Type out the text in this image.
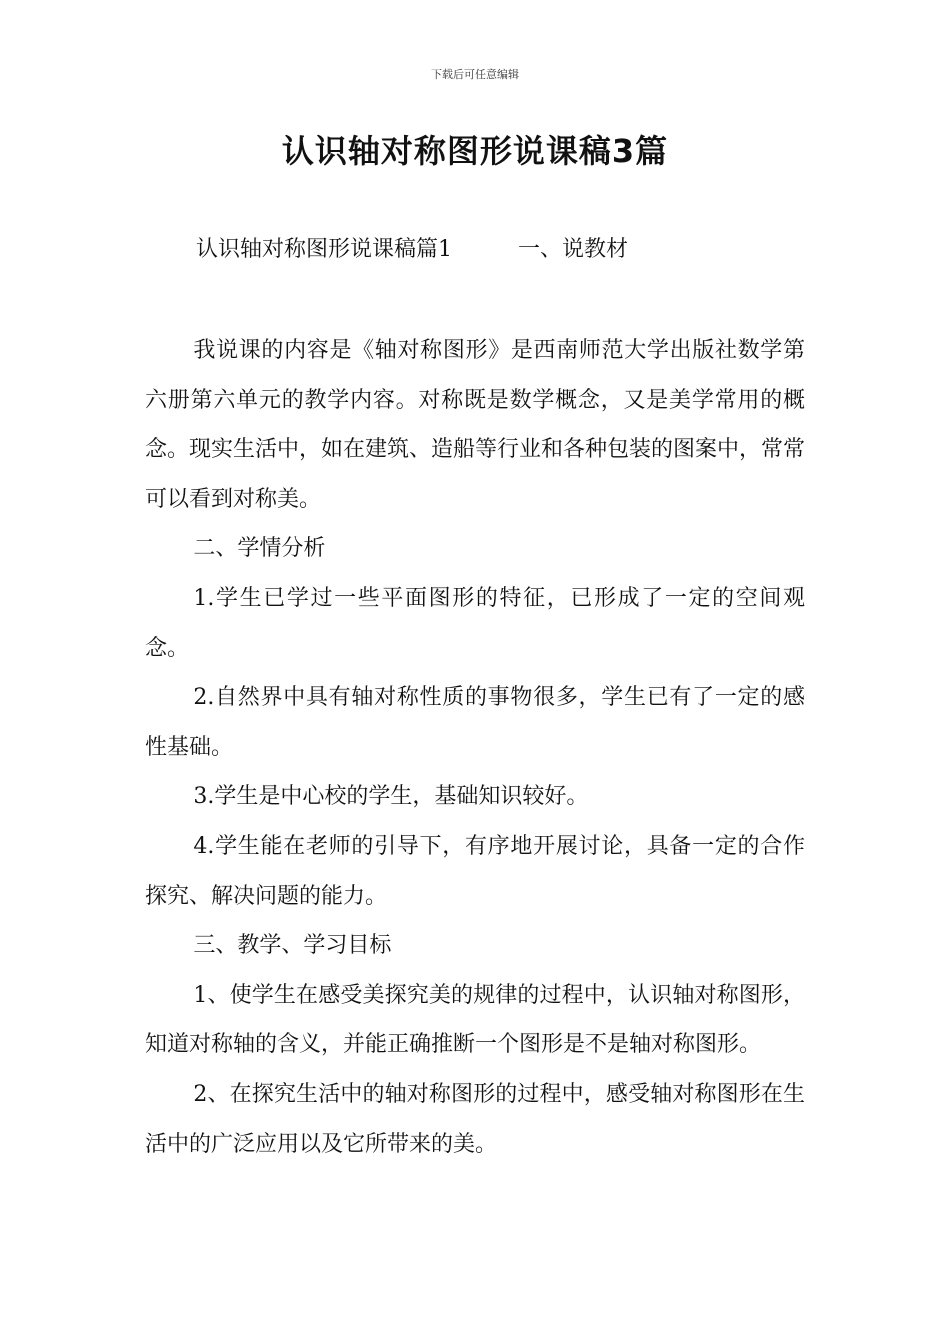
下载后可任意编辑
认识轴对称图形说课稿3篇
认识轴对称图形说课稿篇1　　　一、说教材

我说课的内容是《轴对称图形》是西南师范大学出版社数学第六册第六单元的教学内容。对称既是数学概念，又是美学常用的概念。现实生活中，如在建筑、造船等行业和各种包装的图案中，常常可以看到对称美。

二、学情分析

1.学生已学过一些平面图形的特征，已形成了一定的空间观念。

2.自然界中具有轴对称性质的事物很多，学生已有了一定的感性基础。

3.学生是中心校的学生，基础知识较好。

4.学生能在老师的引导下，有序地开展讨论，具备一定的合作探究、解决问题的能力。

三、教学、学习目标

1、使学生在感受美探究美的规律的过程中，认识轴对称图形，知道对称轴的含义，并能正确推断一个图形是不是轴对称图形。

2、在探究生活中的轴对称图形的过程中，感受轴对称图形在生活中的广泛应用以及它所带来的美。
